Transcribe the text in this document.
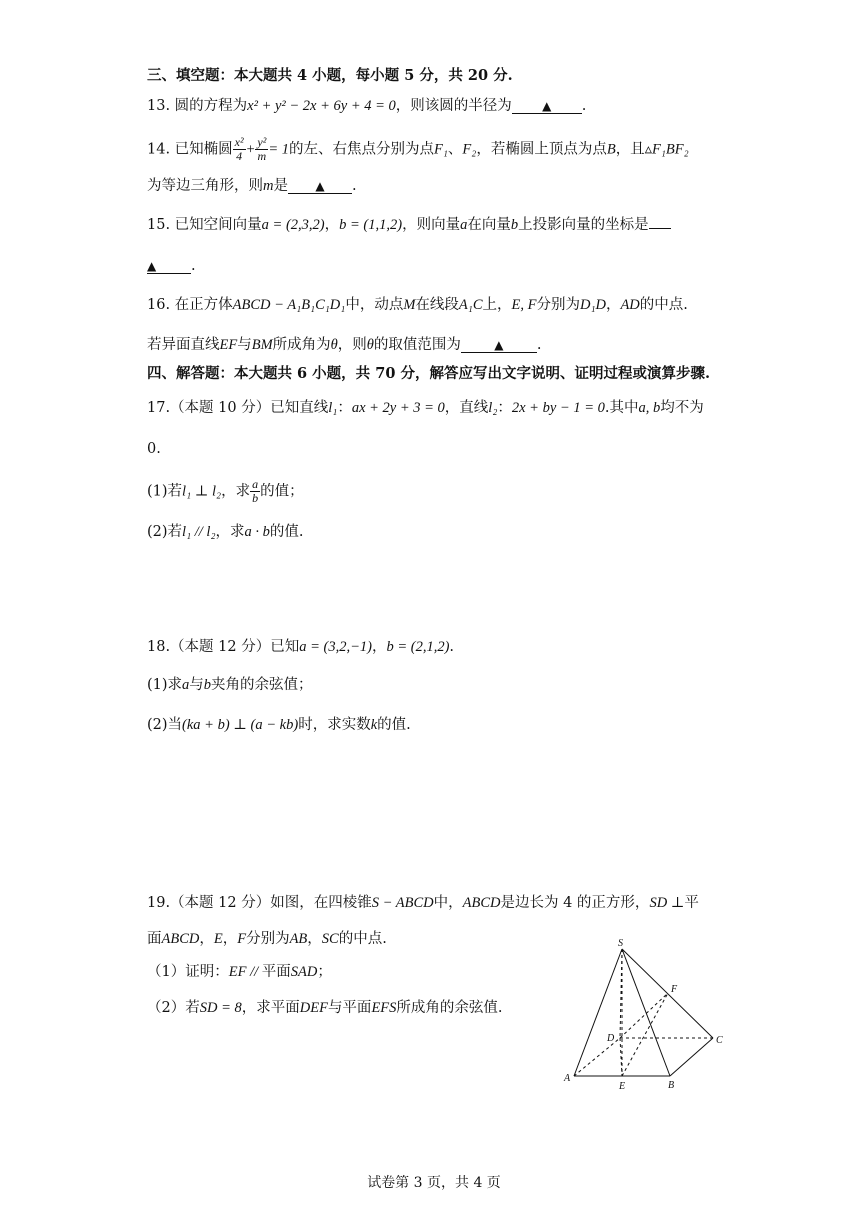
三、填空题：本大题共 4 小题，每小题 5 分，共 20 分.
13. 圆的方程为x² + y² − 2x + 6y + 4 = 0，则该圆的半径为	▲ .
14. 已知椭圆 $\frac{\text{x²}}{4} + \frac{\text{y²}}{m} = 1$的左、右焦点分别为点F₁、F₂，若椭圆上顶点为点B，且▵F₁BF₂
为等边三角形，则m是 ▲ .
15. 已知空间向量a = (2,3,2)，b = (1,1,2)，则向量a在向量b上投影向量的坐标是
▲ .
16. 在正方体ABCD − A₁B₁C₁D₁中，动点M在线段A₁C上，E, F分别为D₁D，AD的中点.
若异面直线EF与BM所成角为θ，则θ的取值范围为	▲ .
四、解答题：本大题共 6 小题，共 70 分，解答应写出文字说明、证明过程或演算步骤.
17.（本题 10 分）已知直线l₁：ax + 2y + 3 = 0，直线l₂：2x + by − 1 = 0.其中a, b均不为
0.
(1)若l₁ ⊥ l₂，求 $\frac{a}{b}$ 的值；
(2)若l₁ // l₂，求a · b的值.
18.（本题 12 分）已知a = (3,2,−1)，b = (2,1,2).
(1)求a与b夹角的余弦值；
(2)当(ka + b) ⊥ (a − kb)时，求实数k的值.
19.（本题 12 分）如图，在四棱锥S − ABCD中，ABCD是边长为 4 的正方形，SD ⊥平
面ABCD，E，F分别为AB，SC的中点.
（1）证明：EF // 平面SAD；
（2）若SD = 8，求平面DEF与平面EFS所成角的余弦值.
S
F
D	C
A
E	B
试卷第 3 页，共 4 页
